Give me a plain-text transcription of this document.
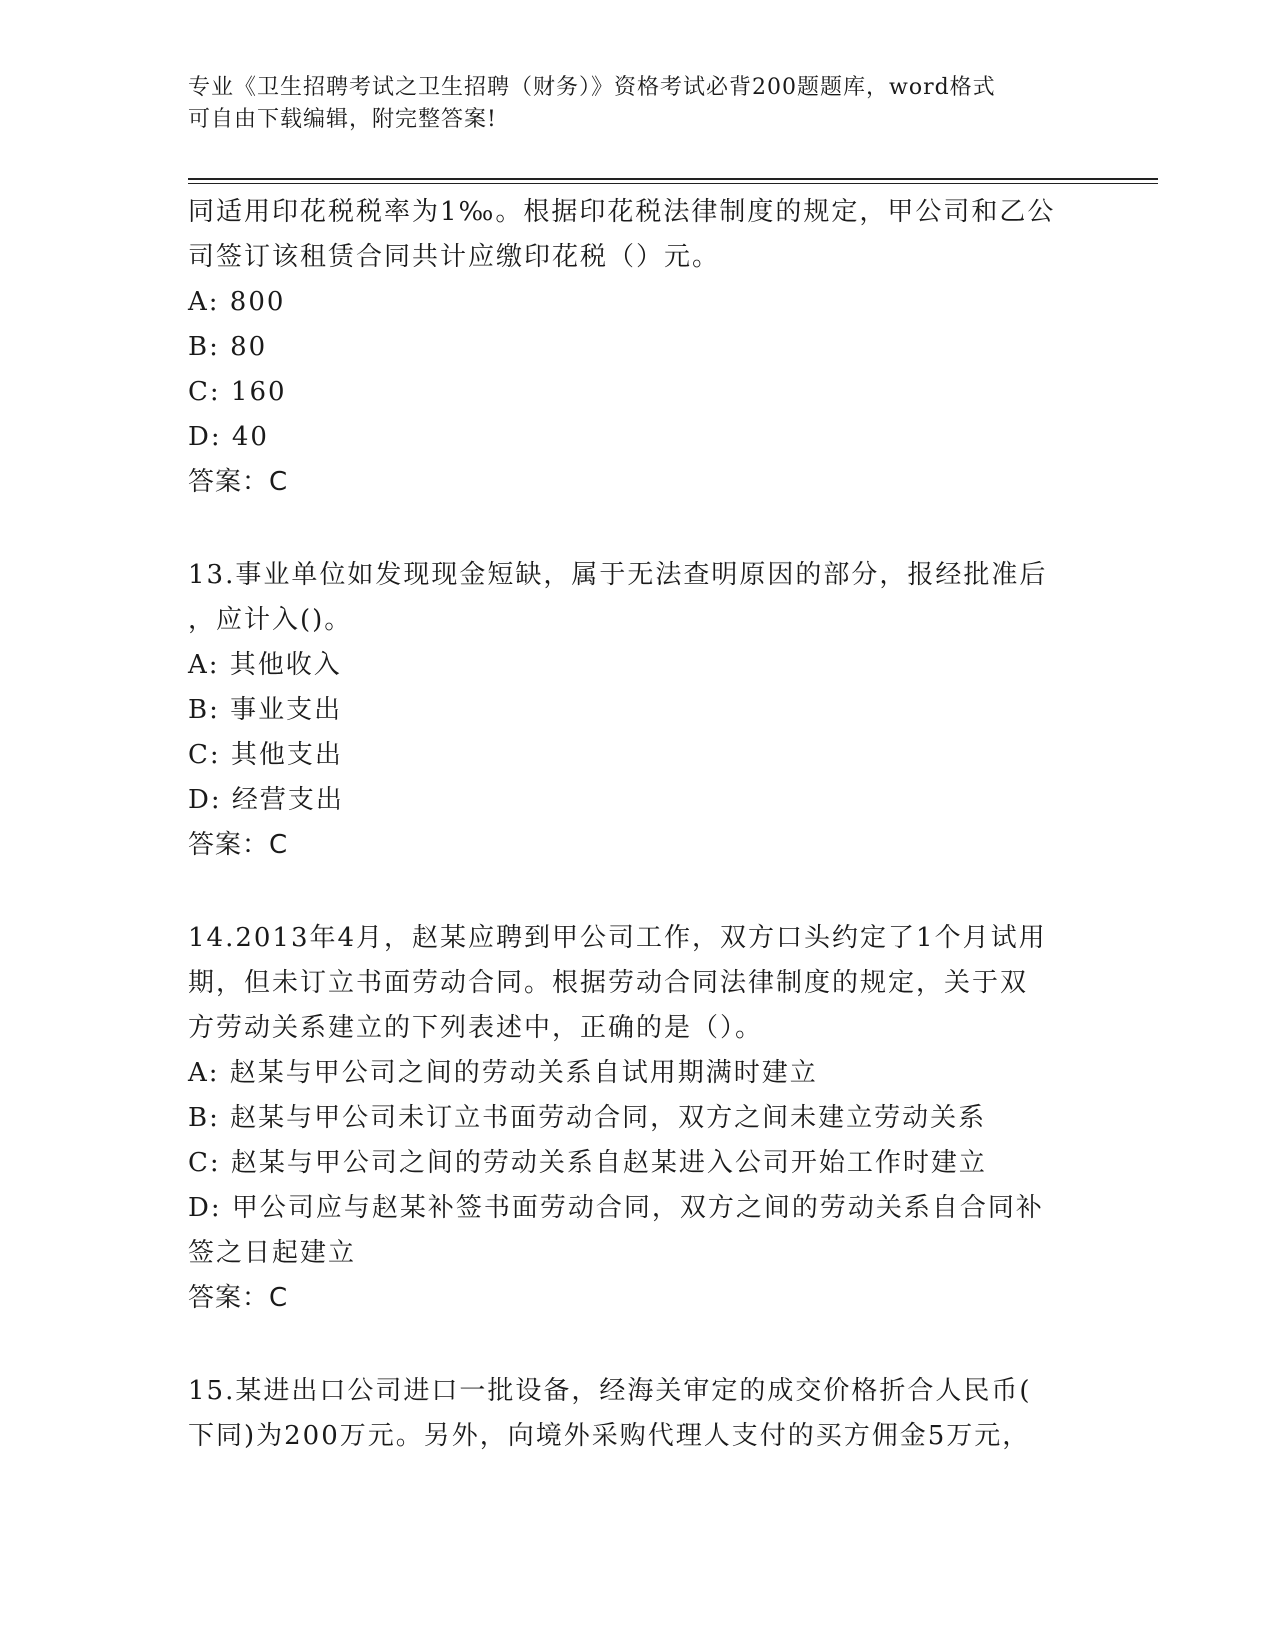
专业《卫生招聘考试之卫生招聘（财务）》资格考试必背200题题库，word格式
可自由下载编辑，附完整答案!
同适用印花税税率为1‰。根据印花税法律制度的规定，甲公司和乙公
司签订该租赁合同共计应缴印花税（）元。
A: 800
B: 80
C: 160
D: 40
答案：C
13.事业单位如发现现金短缺，属于无法查明原因的部分，报经批准后
，应计入()。
A: 其他收入
B: 事业支出
C: 其他支出
D: 经营支出
答案：C
14.2013年4月，赵某应聘到甲公司工作，双方口头约定了1个月试用
期，但未订立书面劳动合同。根据劳动合同法律制度的规定，关于双
方劳动关系建立的下列表述中，正确的是（）。
A: 赵某与甲公司之间的劳动关系自试用期满时建立
B: 赵某与甲公司未订立书面劳动合同，双方之间未建立劳动关系
C: 赵某与甲公司之间的劳动关系自赵某进入公司开始工作时建立
D: 甲公司应与赵某补签书面劳动合同，双方之间的劳动关系自合同补
签之日起建立
答案：C
15.某进出口公司进口一批设备，经海关审定的成交价格折合人民币(
下同)为200万元。另外，向境外采购代理人支付的买方佣金5万元，
